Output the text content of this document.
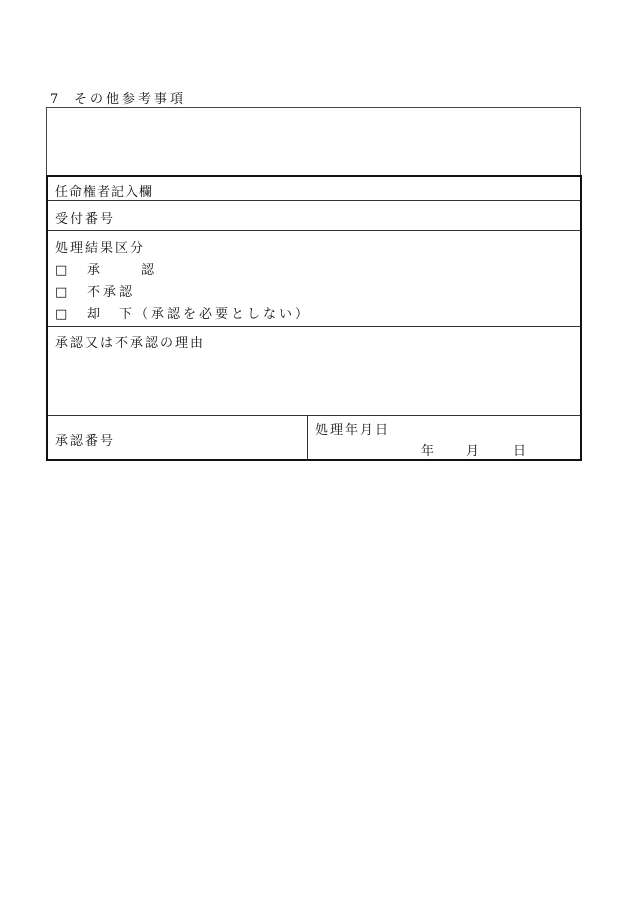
7 その他参考事項
任命権者記入欄
受付番号
処理結果区分
□ 承　認
□ 不承認
□ 却　下（承認を必要としない）
承認又は不承認の理由
承認番号
処理年月日
年 月	日
